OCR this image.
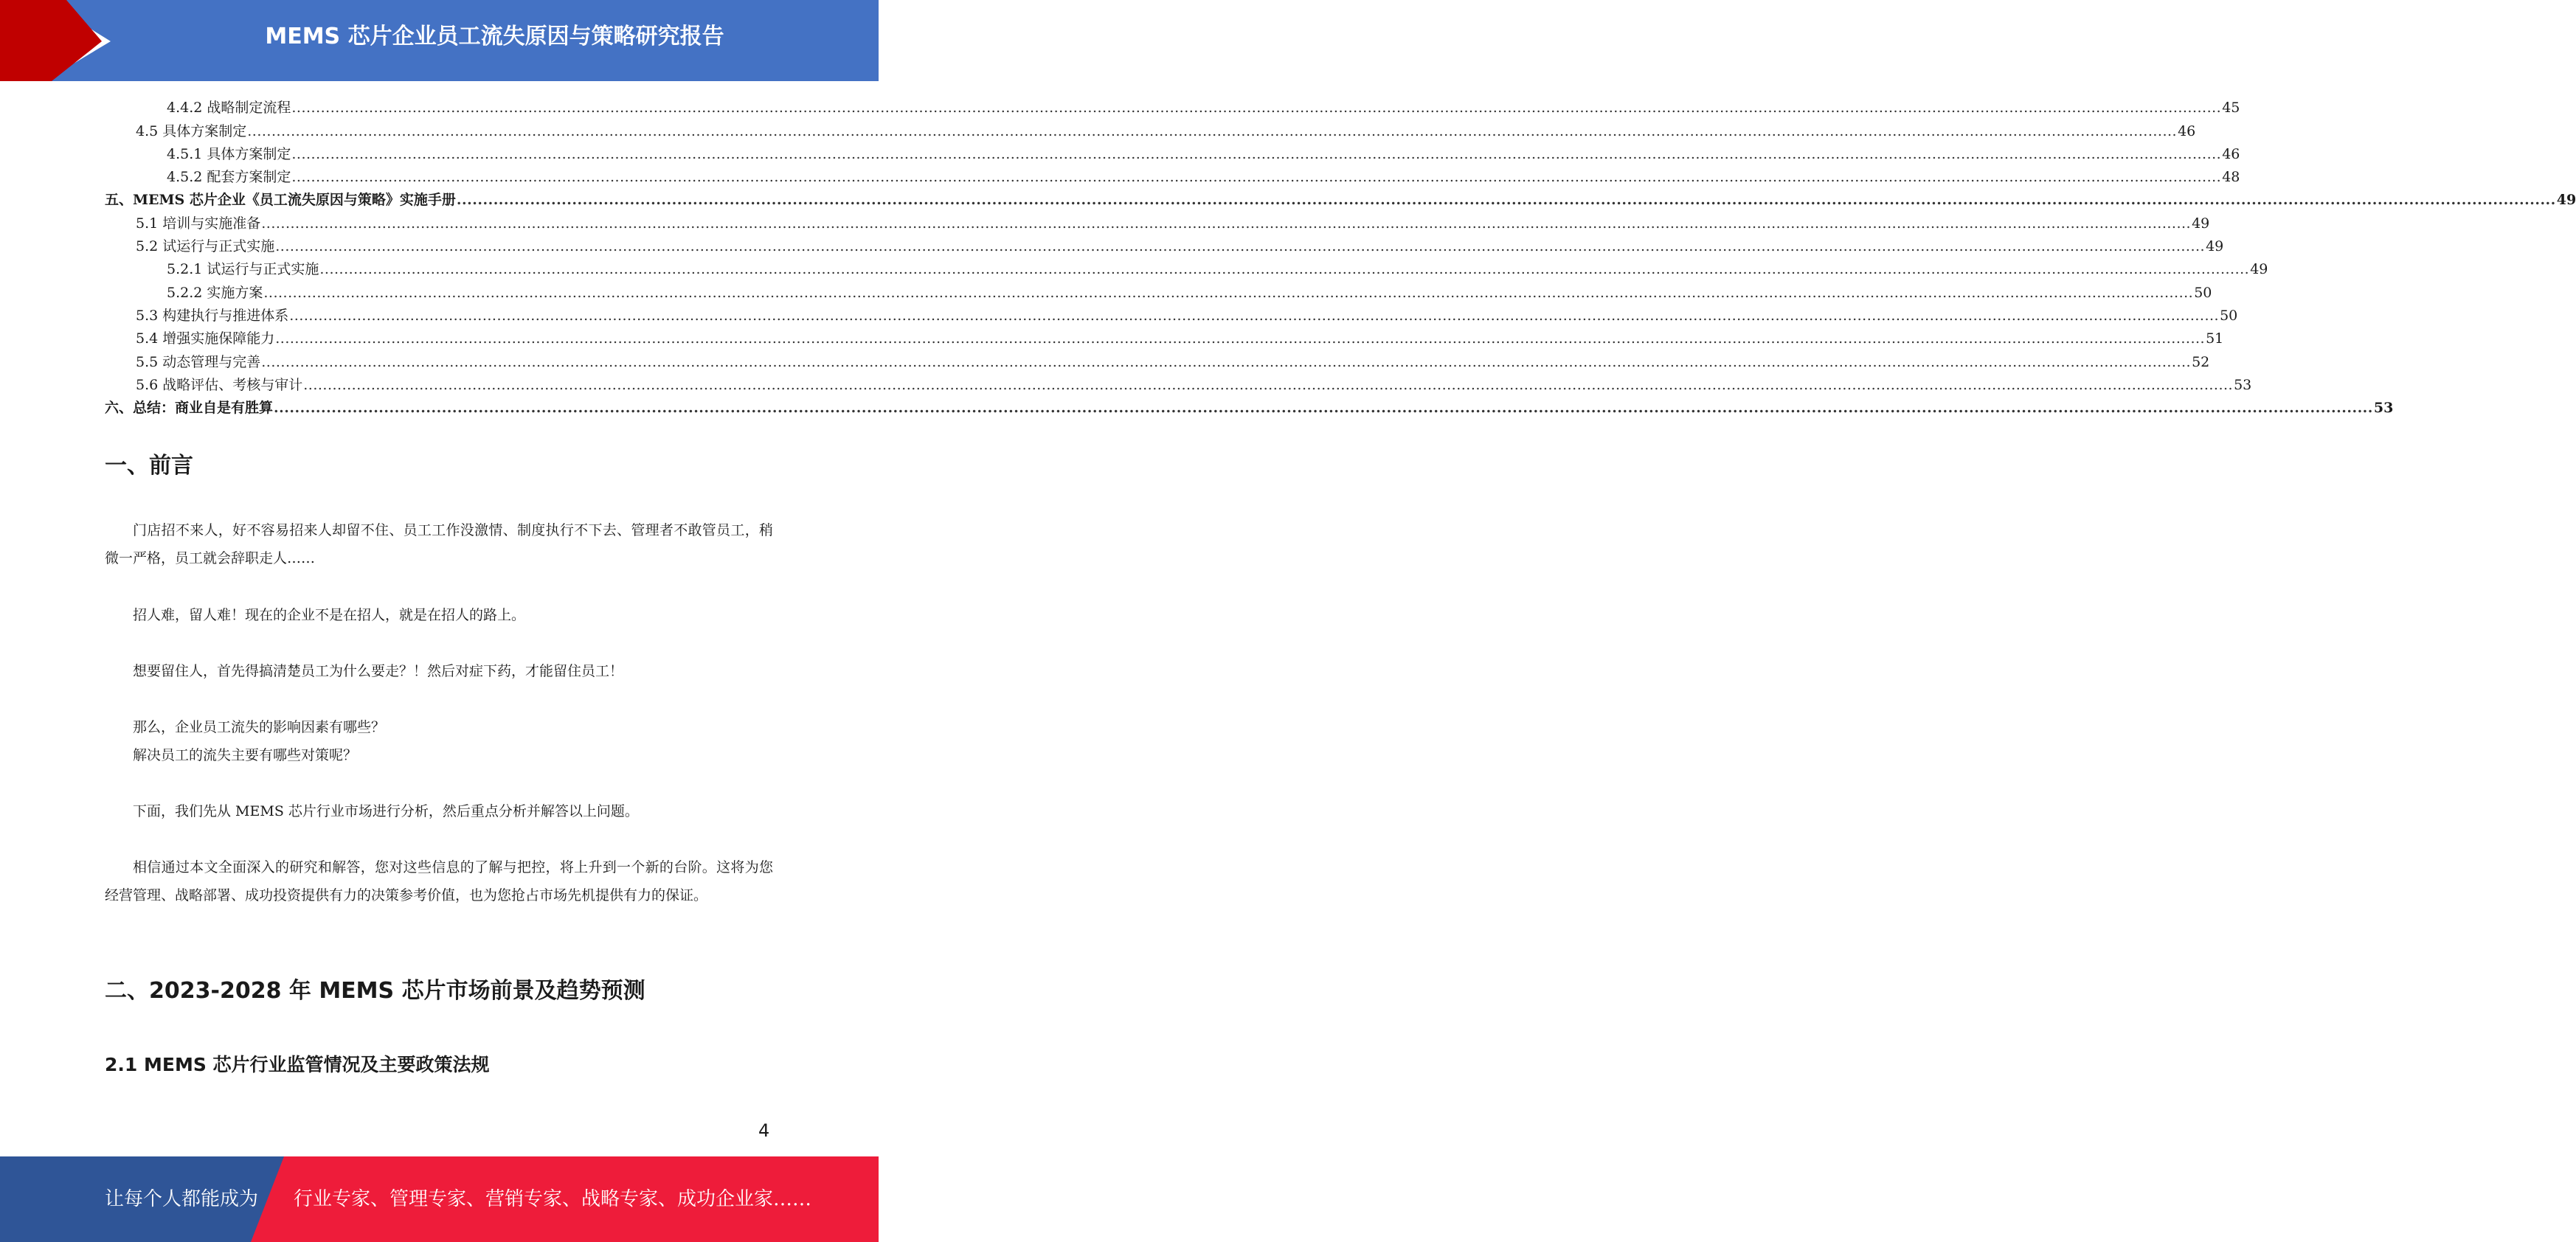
MEMS 芯片企业员工流失原因与策略研究报告
4.4.2 战略制定流程 ................................................................................................................................................................................................................................................................................................................................................................................................................ 45
4.5 具体方案制定 ................................................................................................................................................................................................................................................................................................................................................................................................................ 46
4.5.1 具体方案制定 ................................................................................................................................................................................................................................................................................................................................................................................................................ 46
4.5.2 配套方案制定 ................................................................................................................................................................................................................................................................................................................................................................................................................ 48
五、MEMS 芯片企业《员工流失原因与策略》实施手册 ................................................................................................................................................................................................................................................................................................................................................................................................................ 49
5.1 培训与实施准备 ................................................................................................................................................................................................................................................................................................................................................................................................................ 49
5.2 试运行与正式实施 ................................................................................................................................................................................................................................................................................................................................................................................................................ 49
5.2.1 试运行与正式实施 ................................................................................................................................................................................................................................................................................................................................................................................................................ 49
5.2.2 实施方案 ................................................................................................................................................................................................................................................................................................................................................................................................................ 50
5.3 构建执行与推进体系 ................................................................................................................................................................................................................................................................................................................................................................................................................ 50
5.4 增强实施保障能力 ................................................................................................................................................................................................................................................................................................................................................................................................................ 51
5.5 动态管理与完善 ................................................................................................................................................................................................................................................................................................................................................................................................................ 52
5.6 战略评估、考核与审计 ................................................................................................................................................................................................................................................................................................................................................................................................................ 53
六、总结：商业自是有胜算 ................................................................................................................................................................................................................................................................................................................................................................................................................ 53
一、前言

门店招不来人，好不容易招来人却留不住、员工工作没激情、制度执行不下去、管理者不敢管员工，稍微一严格，员工就会辞职走人……

招人难，留人难！现在的企业不是在招人，就是在招人的路上。

想要留住人，首先得搞清楚员工为什么要走？！然后对症下药，才能留住员工！

那么，企业员工流失的影响因素有哪些？

解决员工的流失主要有哪些对策呢？

下面，我们先从 MEMS 芯片行业市场进行分析，然后重点分析并解答以上问题。

相信通过本文全面深入的研究和解答，您对这些信息的了解与把控，将上升到一个新的台阶。这将为您经营管理、战略部署、成功投资提供有力的决策参考价值，也为您抢占市场先机提供有力的保证。

二、2023-2028 年 MEMS 芯片市场前景及趋势预测
2.1 MEMS 芯片行业监管情况及主要政策法规
4
让每个人都能成为 行业专家、管理专家、营销专家、战略专家、成功企业家……
